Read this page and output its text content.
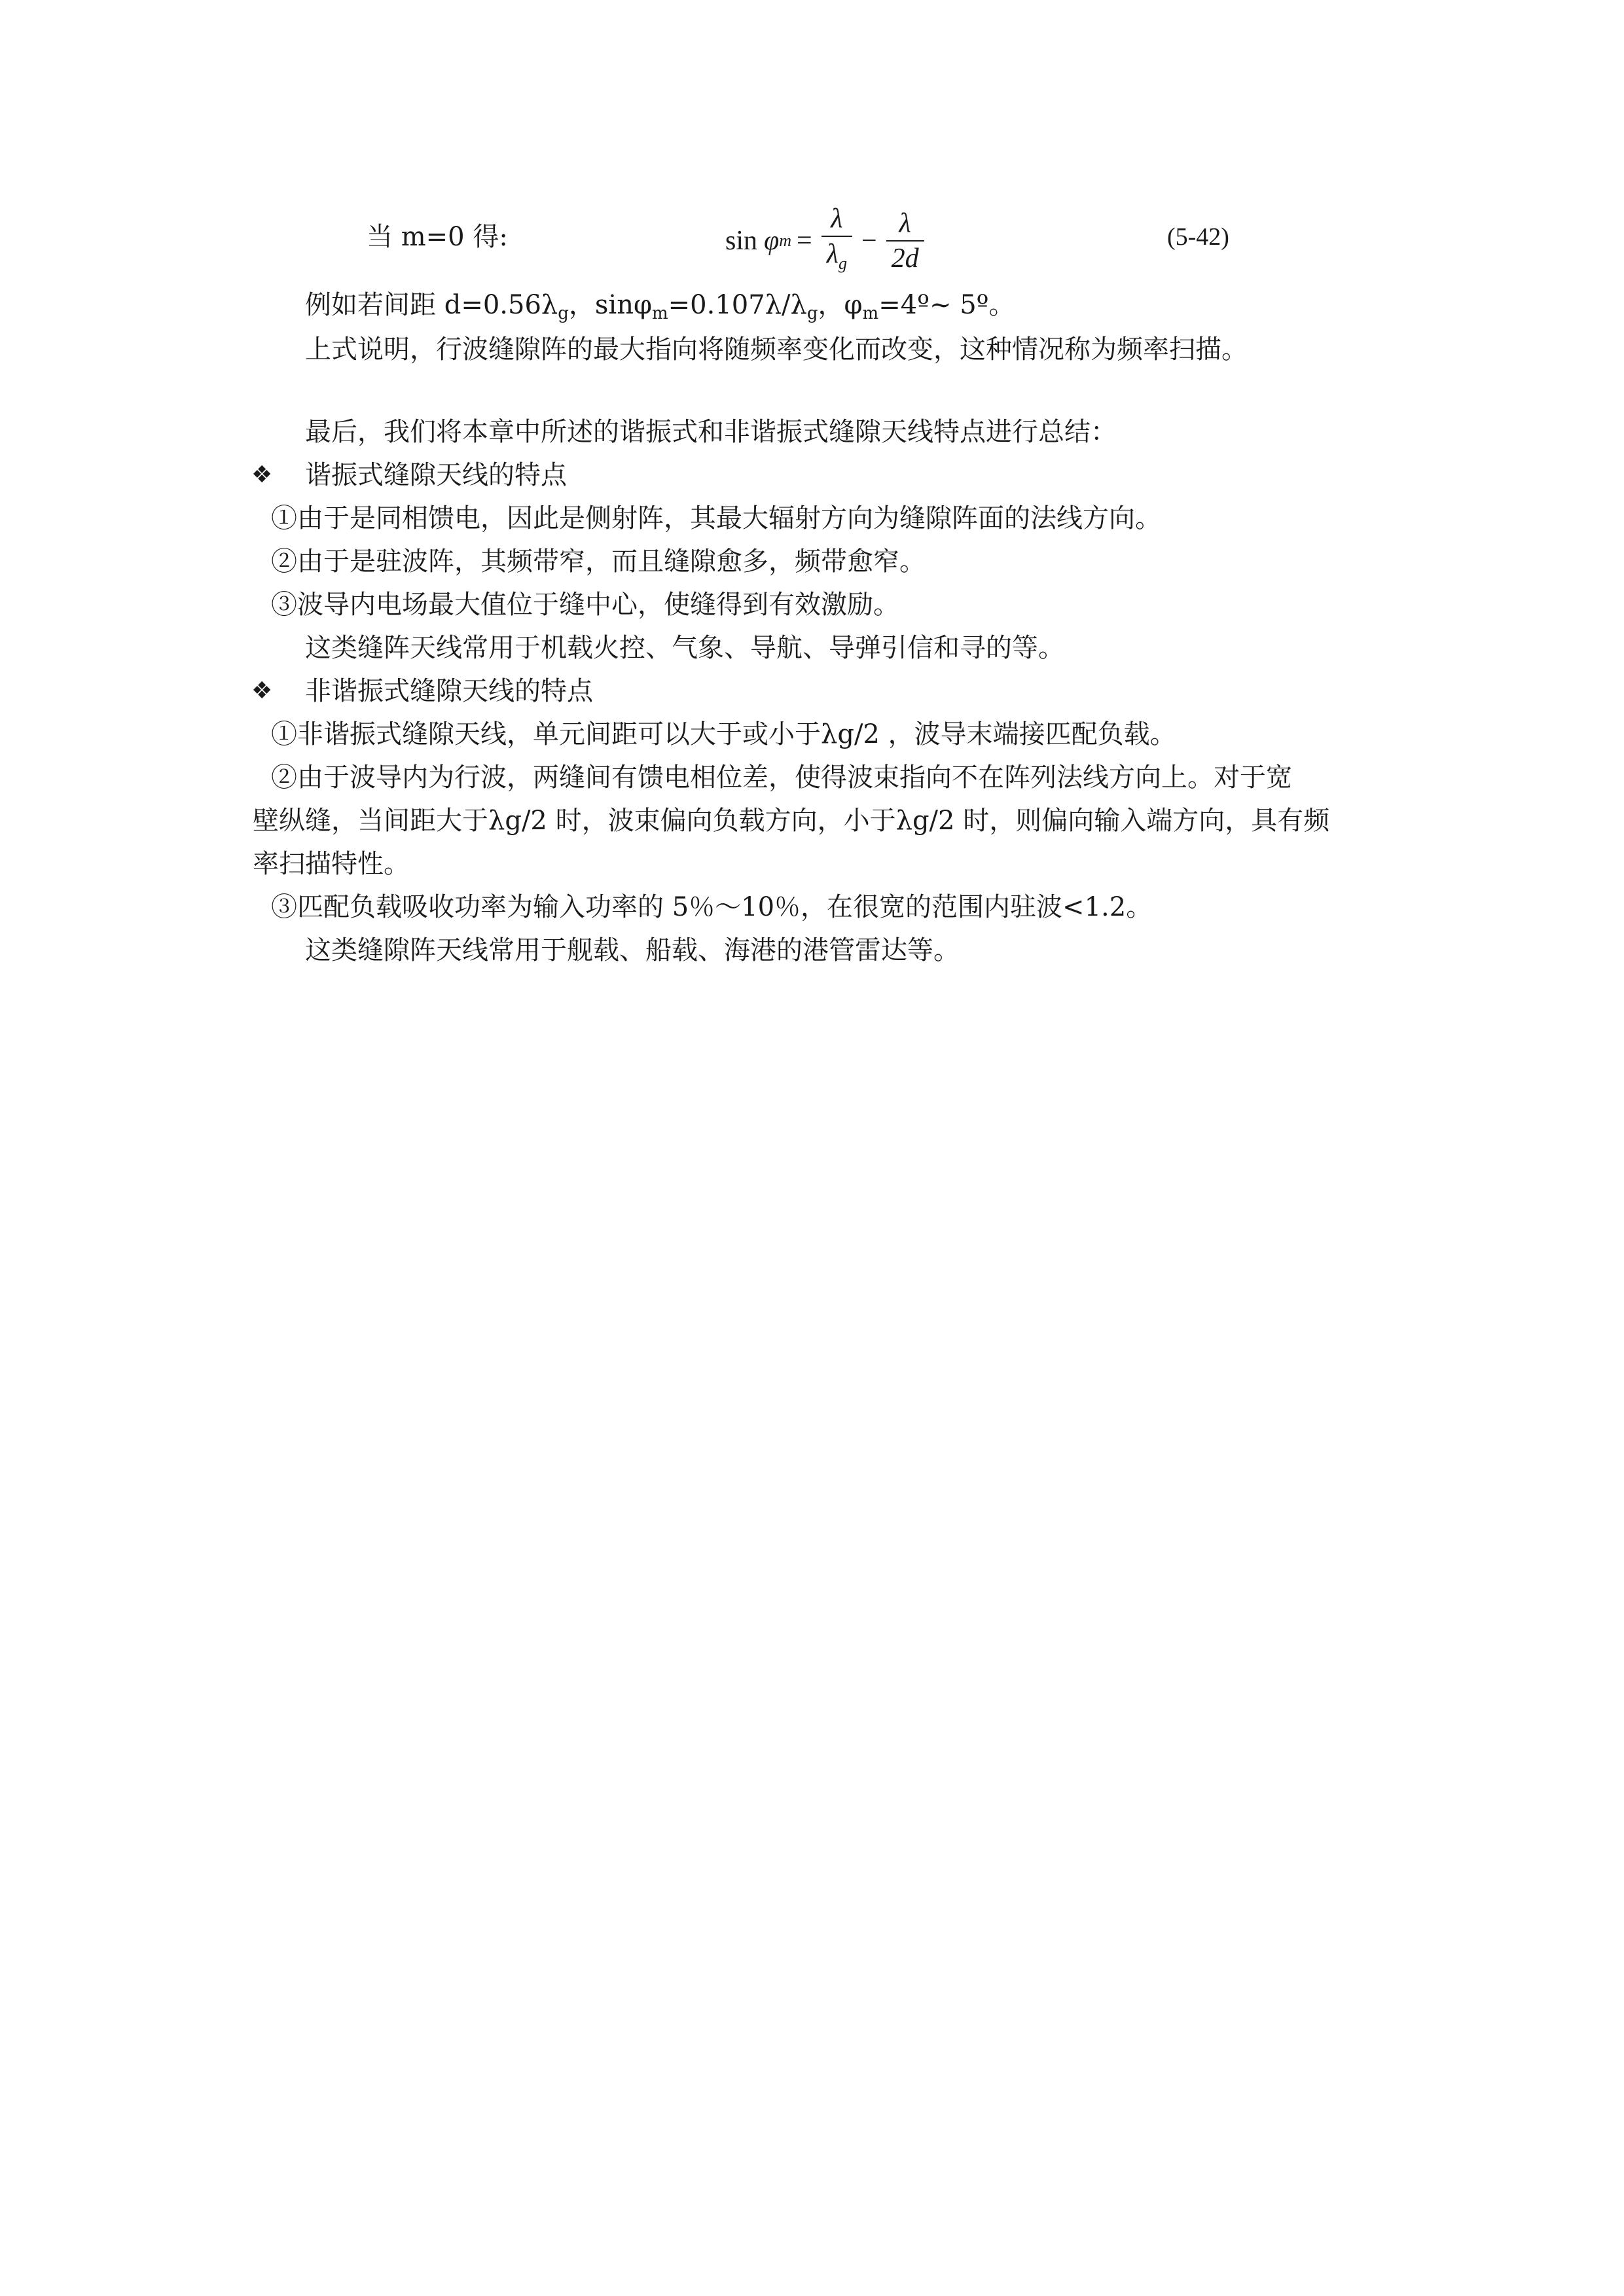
当 m=0 得:	sin φ $m = \frac{\lambda}{\lambda_g} - \frac{\lambda}{2d}$	(5-42)
例如若间距 $d=0.56\lambda_g$，$\sin\varphi_m=0.107\lambda/\lambda_g$，$\varphi_m=4º\sim$ 5º。
上式说明，行波缝隙阵的最大指向将随频率变化而改变，这种情况称为频率扫描。
最后，我们将本章中所述的谐振式和非谐振式缝隙天线特点进行总结：
❖ 谐振式缝隙天线的特点
①由于是同相馈电，因此是侧射阵，其最大辐射方向为缝隙阵面的法线方向。
②由于是驻波阵，其频带窄，而且缝隙愈多，频带愈窄。
③波导内电场最大值位于缝中心，使缝得到有效激励。
这类缝阵天线常用于机载火控、气象、导航、导弹引信和寻的等。
❖ 非谐振式缝隙天线的特点
①非谐振式缝隙天线，单元间距可以大于或小于λg/2 ，波导末端接匹配负载。
②由于波导内为行波，两缝间有馈电相位差，使得波束指向不在阵列法线方向上。对于宽
壁纵缝，当间距大于λg/2 时，波束偏向负载方向，小于λg/2 时，则偏向输入端方向，具有频
率扫描特性。
③匹配负载吸收功率为输入功率的 5％～10％，在很宽的范围内驻波<1.2。
这类缝隙阵天线常用于舰载、船载、海港的港管雷达等。
